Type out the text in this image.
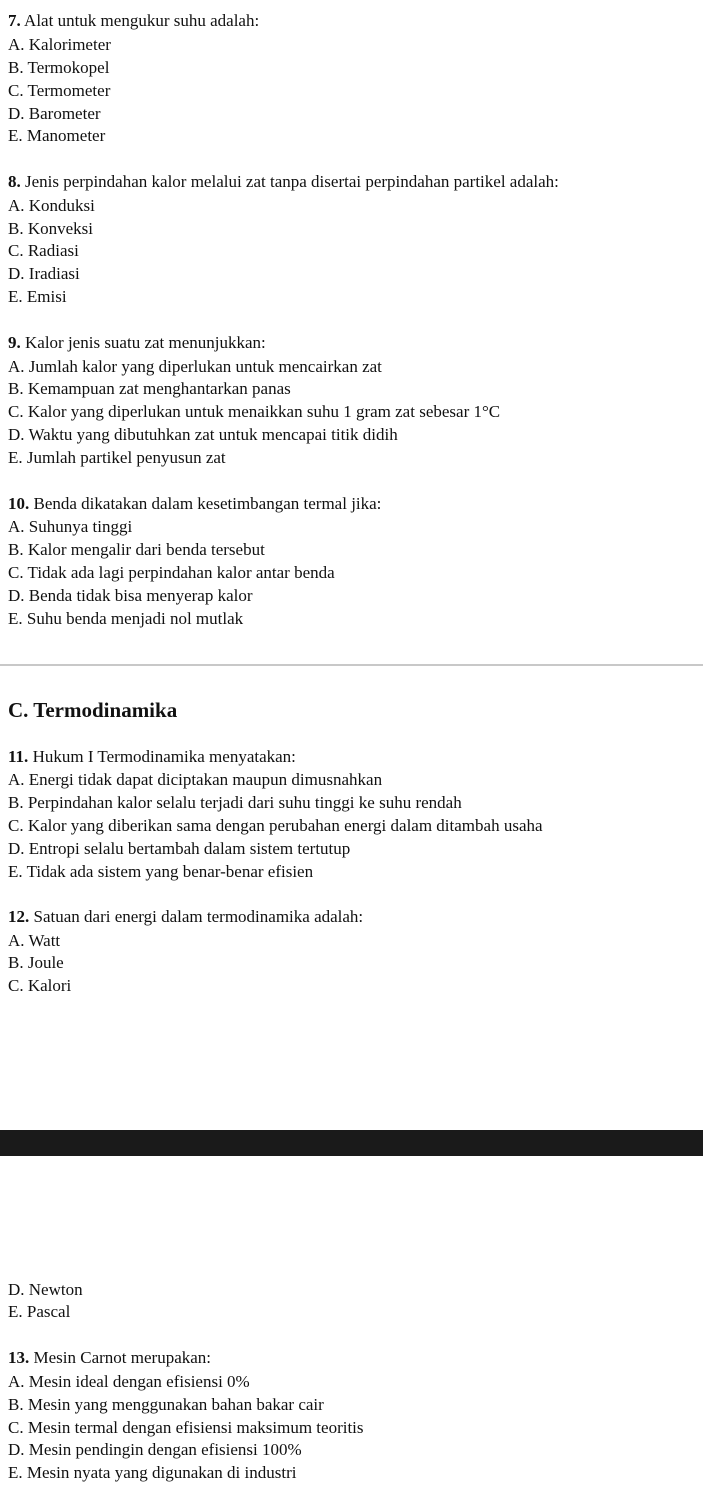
7. Alat untuk mengukur suhu adalah:
A. Kalorimeter
B. Termokopel
C. Termometer
D. Barometer
E. Manometer
8. Jenis perpindahan kalor melalui zat tanpa disertai perpindahan partikel adalah:
A. Konduksi
B. Konveksi
C. Radiasi
D. Iradiasi
E. Emisi
9. Kalor jenis suatu zat menunjukkan:
A. Jumlah kalor yang diperlukan untuk mencairkan zat
B. Kemampuan zat menghantarkan panas
C. Kalor yang diperlukan untuk menaikkan suhu 1 gram zat sebesar 1°C
D. Waktu yang dibutuhkan zat untuk mencapai titik didih
E. Jumlah partikel penyusun zat
10. Benda dikatakan dalam kesetimbangan termal jika:
A. Suhunya tinggi
B. Kalor mengalir dari benda tersebut
C. Tidak ada lagi perpindahan kalor antar benda
D. Benda tidak bisa menyerap kalor
E. Suhu benda menjadi nol mutlak
C. Termodinamika
11. Hukum I Termodinamika menyatakan:
A. Energi tidak dapat diciptakan maupun dimusnahkan
B. Perpindahan kalor selalu terjadi dari suhu tinggi ke suhu rendah
C. Kalor yang diberikan sama dengan perubahan energi dalam ditambah usaha
D. Entropi selalu bertambah dalam sistem tertutup
E. Tidak ada sistem yang benar-benar efisien
12. Satuan dari energi dalam termodinamika adalah:
A. Watt
B. Joule
C. Kalori
D. Newton
E. Pascal
13. Mesin Carnot merupakan:
A. Mesin ideal dengan efisiensi 0%
B. Mesin yang menggunakan bahan bakar cair
C. Mesin termal dengan efisiensi maksimum teoritis
D. Mesin pendingin dengan efisiensi 100%
E. Mesin nyata yang digunakan di industri
